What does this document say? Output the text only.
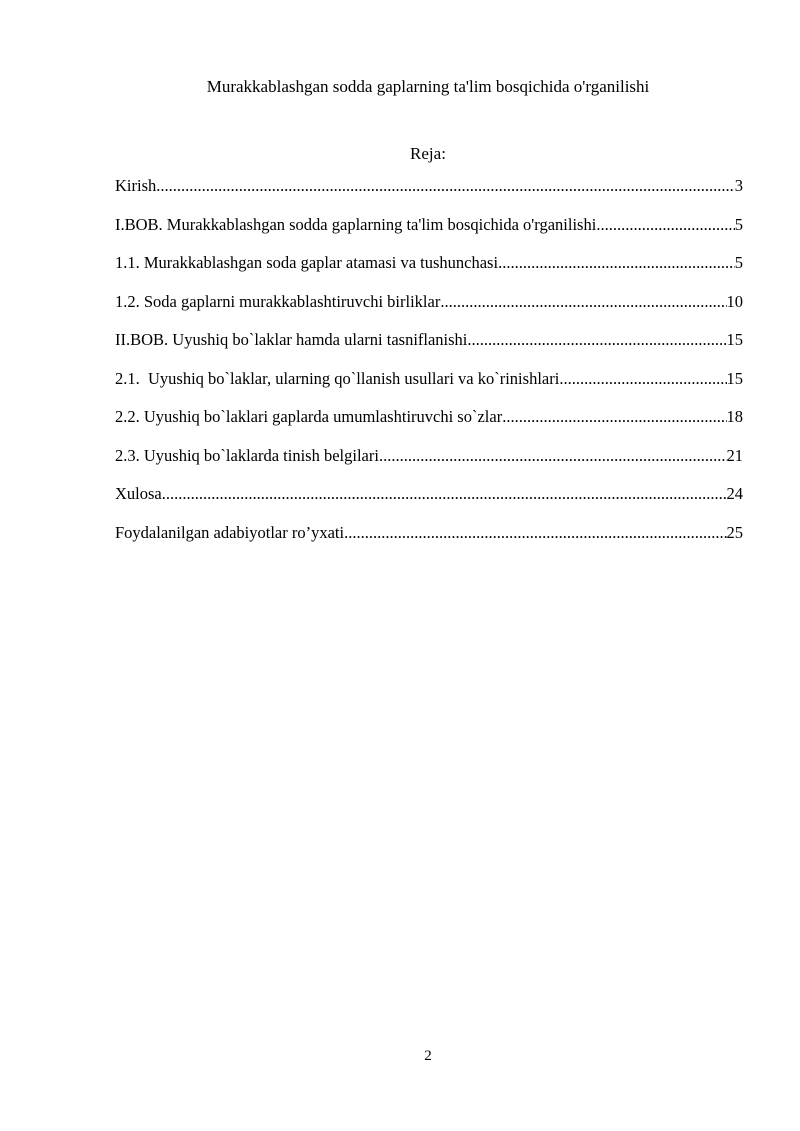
Murakkablashgan sodda gaplarning ta'lim bosqichida o'rganilishi
Reja:
Kirish .....	3
I.BOB. Murakkablashgan sodda gaplarning ta'lim bosqichida o'rganilishi .....	5
1.1. Murakkablashgan soda gaplar atamasi va tushunchasi .....	5
1.2. Soda gaplarni murakkablashtiruvchi birliklar .....	10
II.BOB. Uyushiq bo`laklar hamda ularni tasniflanishi .....	15
2.1.  Uyushiq bo`laklar, ularning qo`llanish usullari va ko`rinishlari .....	15
2.2. Uyushiq bo`laklari gaplarda umumlashtiruvchi so`zlar .....	18
2.3. Uyushiq bo`laklarda tinish belgilari .....	21
Xulosa .....	24
Foydalanilgan adabiyotlar ro’yxati .....	25
2
